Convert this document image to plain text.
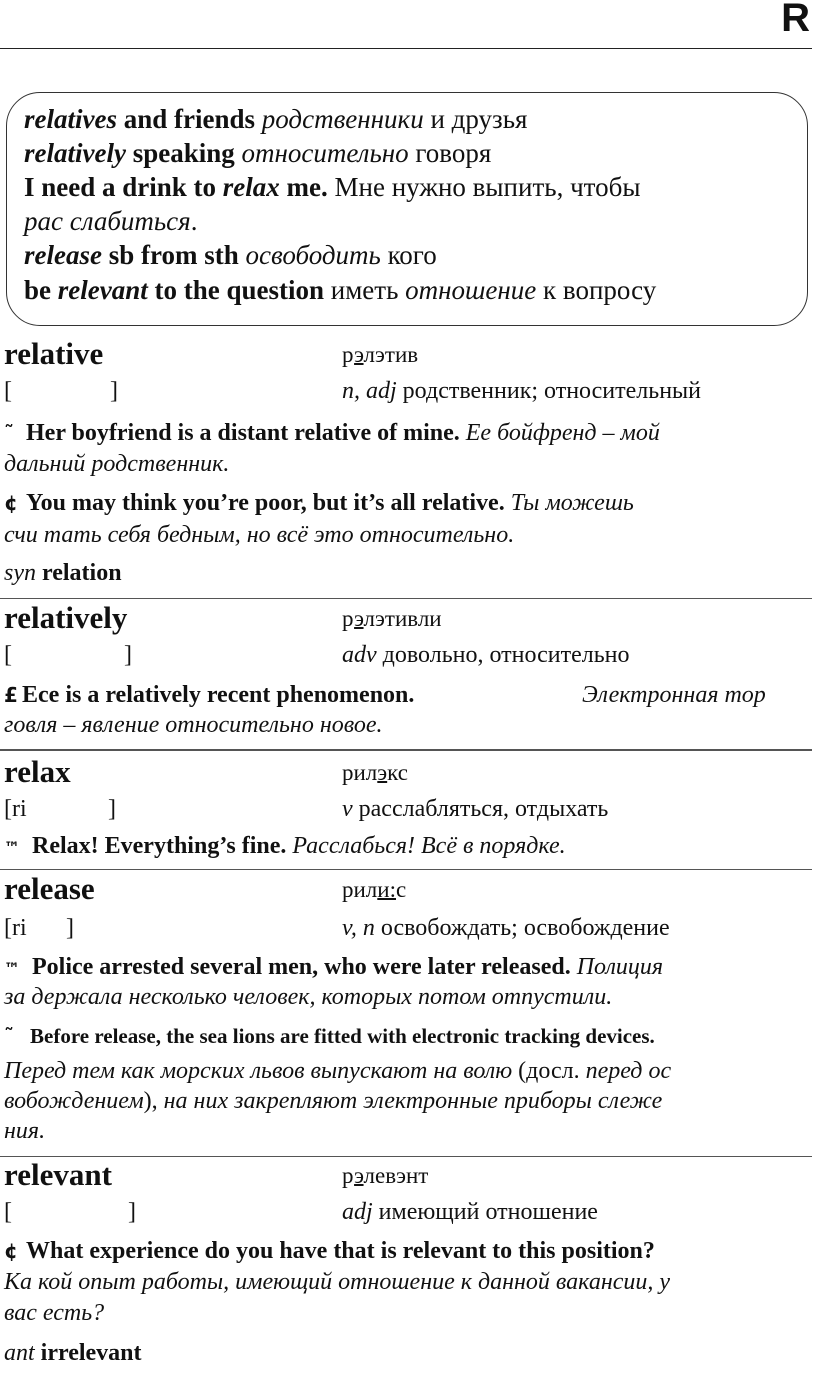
R
relatives and friends родственники и друзья
relatively speaking относительно говоря
I need a drink to relax me. Мне нужно выпить, чтобы
рас слабиться.
release sb from sth освободить кого
be relevant to the question иметь отношение к вопросу
relative	рэлэтив
[	]	n, adj родственник; относительный
˜ Her boyfriend is a distant relative of mine. Ее бойфренд – мой
дальний родственник.
¢ You may think you’re poor, but it’s all relative. Ты можешь
счи тать себя бедным, но всё это относительно.
syn relation
relatively	рэлэтивли
[	]	adv довольно, относительно
£ Ece is a relatively recent phenomenon.	Электронная тор
говля – явление относительно новое.
relax	рилэкс
[ri	]	v расслабляться, отдыхать
™ Relax! Everything’s fine. Расслабься! Всё в порядке.
release	рили:с
[ri ]	v, n освобождать; освобождение
™ Police arrested several men, who were later released. Полиция
за держала несколько человек, которых потом отпустили.
˜ Before release, the sea lions are fitted with electronic tracking devices.
Перед тем как морских львов выпускают на волю (досл. перед ос
вобождением), на них закрепляют электронные приборы слеже
ния.
relevant	рэлевэнт
[	]	adj имеющий отношение
¢ What experience do you have that is relevant to this position?
Ка кой опыт работы, имеющий отношение к данной вакансии, у
вас есть?
ant irrelevant
